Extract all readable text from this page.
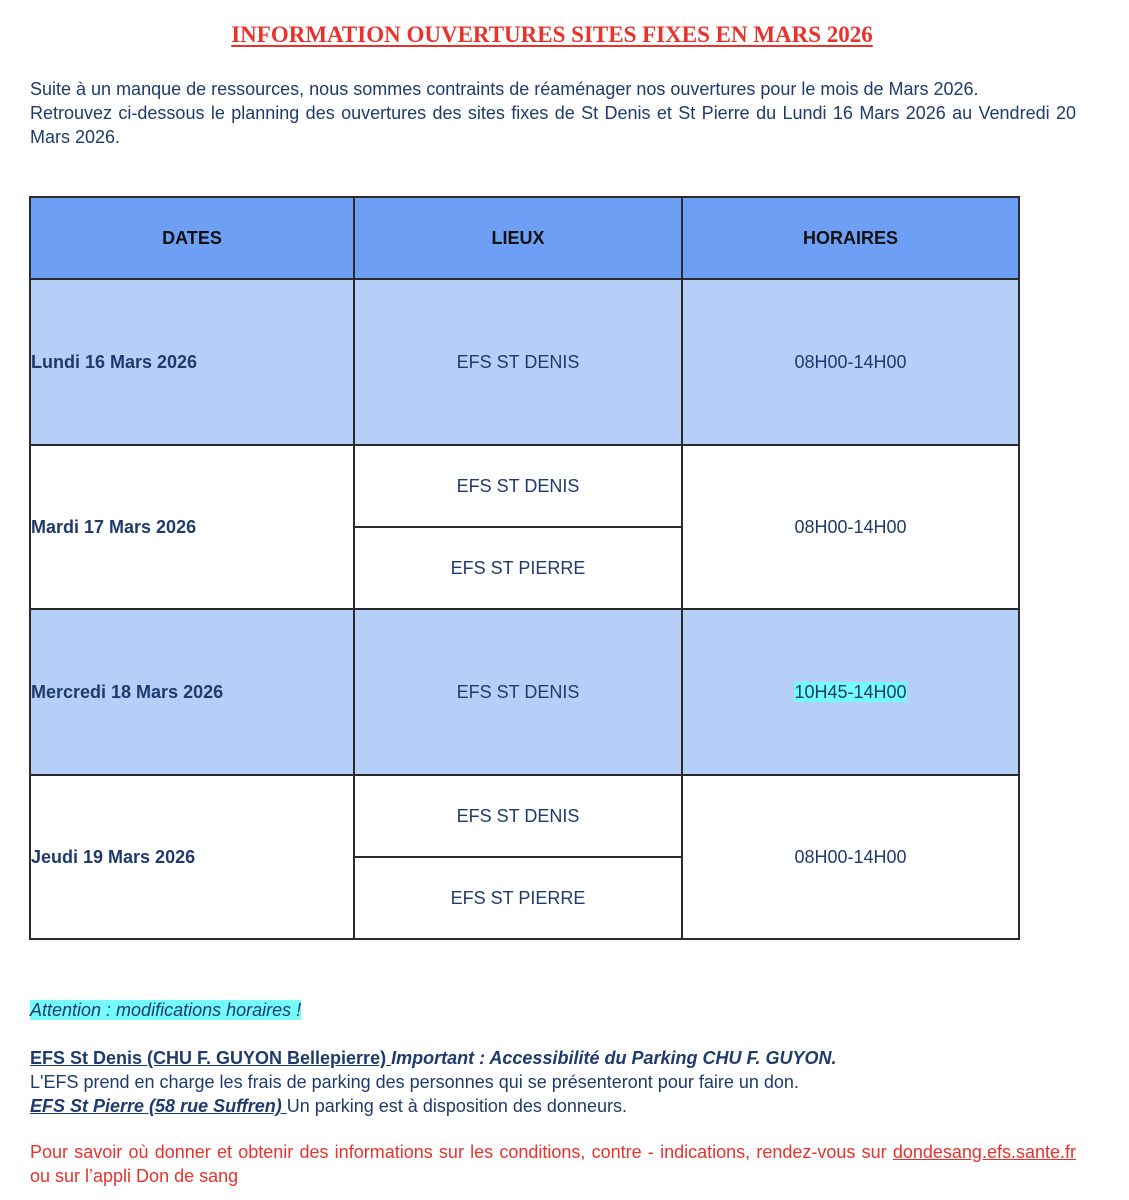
INFORMATION OUVERTURES SITES FIXES EN MARS 2026

Suite à un manque de ressources, nous sommes contraints de réaménager nos ouvertures pour le mois de Mars 2026.

Retrouvez ci-dessous le planning des ouvertures des sites fixes de St Denis et St Pierre du Lundi 16 Mars 2026 au Vendredi 20 Mars 2026.

DATES	LIEUX	HORAIRES
Lundi 16 Mars 2026	EFS ST DENIS	08H00-14H00
Mardi 17 Mars 2026	EFS ST DENIS	08H00-14H00
	EFS ST PIERRE	
Mercredi 18 Mars 2026	EFS ST DENIS	10H45-14H00
Jeudi 19 Mars 2026	EFS ST DENIS	08H00-14H00
	EFS ST PIERRE	
Attention : modifications horaires !

EFS St Denis (CHU F. GUYON Bellepierre) Important : Accessibilité du Parking CHU F. GUYON.

L'EFS prend en charge les frais de parking des personnes qui se présenteront pour faire un don.

EFS St Pierre (58 rue Suffren) Un parking est à disposition des donneurs.

Pour savoir où donner et obtenir des informations sur les conditions, contre - indications, rendez-vous sur dondesang.efs.sante.fr ou sur l’appli Don de sang
